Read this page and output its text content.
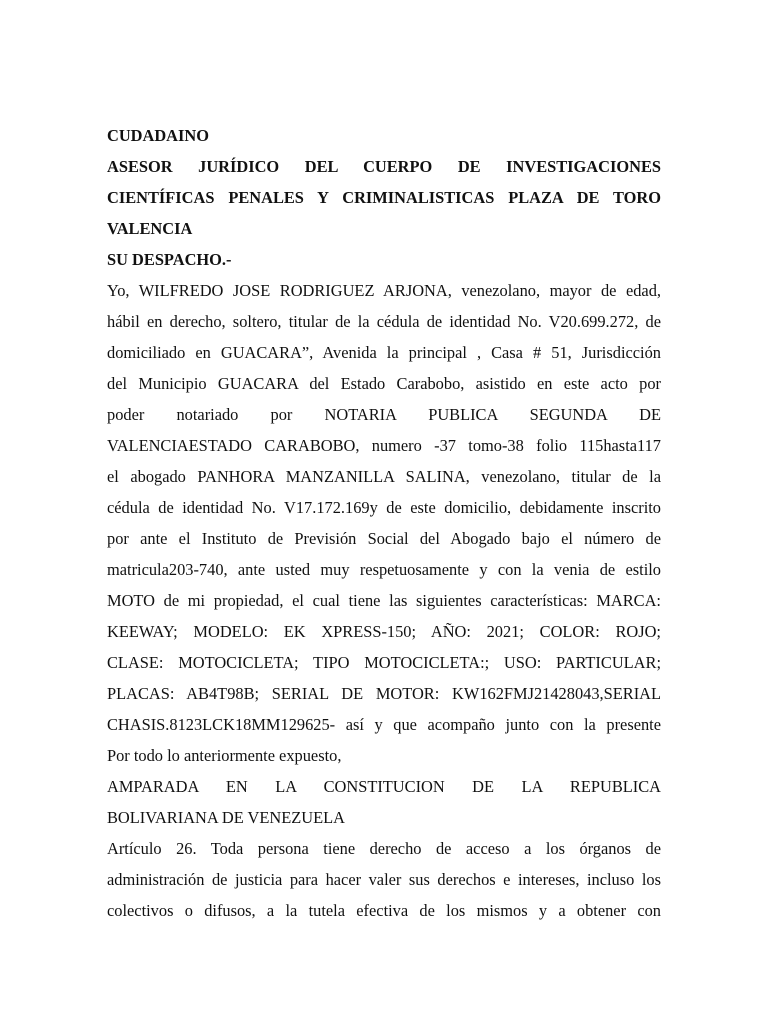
CUDADAINO

ASESOR JURÍDICO DEL CUERPO DE INVESTIGACIONES

CIENTÍFICAS PENALES Y CRIMINALISTICAS PLAZA DE TORO

VALENCIA

SU DESPACHO.-

Yo, WILFREDO JOSE RODRIGUEZ ARJONA, venezolano, mayor de edad,
hábil en derecho, soltero, titular de la cédula de identidad No. V20.699.272, de
domiciliado en GUACARA”, Avenida la principal , Casa # 51, Jurisdicción
del Municipio GUACARA del Estado Carabobo, asistido en este acto por
poder notariado por NOTARIA PUBLICA SEGUNDA DE
VALENCIAESTADO CARABOBO, numero -37 tomo-38 folio 115hasta117
el abogado PANHORA MANZANILLA SALINA, venezolano, titular de la
cédula de identidad No. V17.172.169y de este domicilio, debidamente inscrito
por ante el Instituto de Previsión Social del Abogado bajo el número de
matricula203-740, ante usted muy respetuosamente y con la venia de estilo
MOTO de mi propiedad, el cual tiene las siguientes características: MARCA:
KEEWAY; MODELO: EK XPRESS-150; AÑO: 2021; COLOR: ROJO;
CLASE: MOTOCICLETA; TIPO MOTOCICLETA:; USO: PARTICULAR;
PLACAS: AB4T98B; SERIAL DE MOTOR: KW162FMJ21428043,SERIAL
CHASIS.8123LCK18MM129625- así y que acompaño junto con la presente
Por todo lo anteriormente expuesto,
AMPARADA EN LA CONSTITUCION DE LA REPUBLICA
BOLIVARIANA DE VENEZUELA
Artículo 26. Toda persona tiene derecho de acceso a los órganos de
administración de justicia para hacer valer sus derechos e intereses, incluso los
colectivos o difusos, a la tutela efectiva de los mismos y a obtener con
